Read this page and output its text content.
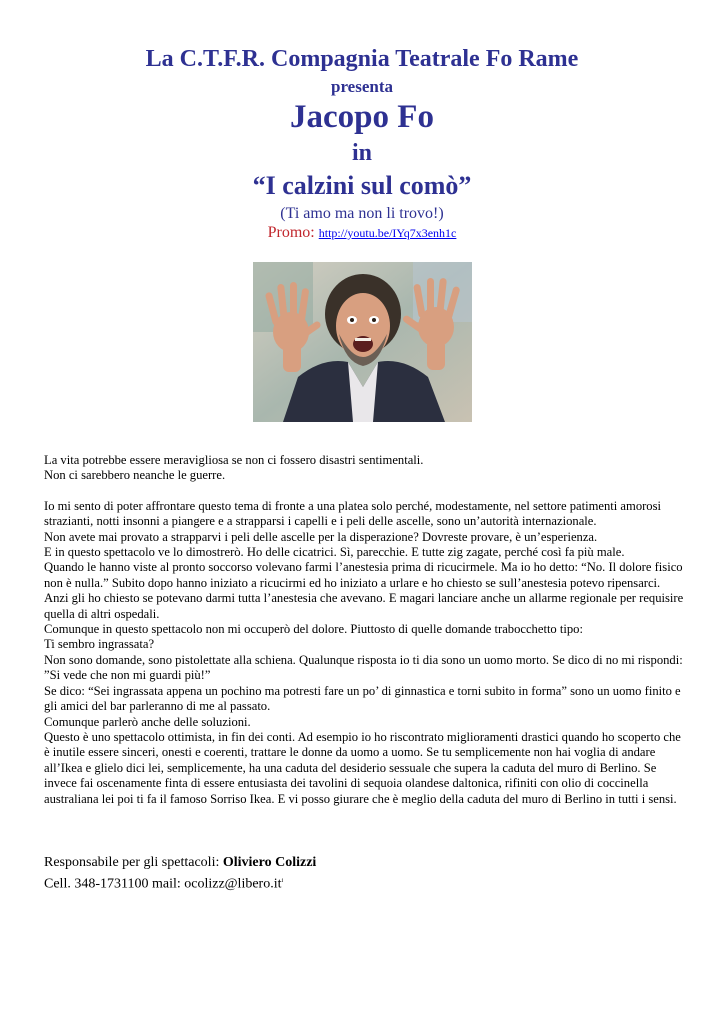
La C.T.F.R. Compagnia Teatrale Fo Rame
presenta
Jacopo Fo
in
“I calzini sul comò”
(Ti amo ma non li trovo!)
Promo: http://youtu.be/IYq7x3enh1c

La vita potrebbe essere meravigliosa se non ci fossero disastri sentimentali.

Non ci sarebbero neanche le guerre.

Io mi sento di poter affrontare questo tema di fronte a una platea solo perché, modestamente, nel settore patimenti amorosi strazianti, notti insonni a piangere e a strapparsi i capelli e i peli delle ascelle, sono un’autorità internazionale.

Non avete mai provato a strapparvi i peli delle ascelle per la disperazione? Dovreste provare, è un’esperienza.

E in questo spettacolo ve lo dimostrerò. Ho delle cicatrici. Sì, parecchie. E tutte zig zagate, perché così fa più male.

Quando le hanno viste al pronto soccorso volevano farmi l’anestesia prima di ricucirmele. Ma io ho detto: “No. Il dolore fisico non è nulla.” Subito dopo hanno iniziato a ricucirmi ed ho iniziato a urlare e ho chiesto se sull’anestesia potevo ripensarci. Anzi gli ho chiesto se potevano darmi tutta l’anestesia che avevano. E magari lanciare anche un allarme regionale per requisire quella di altri ospedali.

Comunque in questo spettacolo non mi occuperò del dolore. Piuttosto di quelle domande trabocchetto tipo:

Ti sembro ingrassata?

Non sono domande, sono pistolettate alla schiena. Qualunque risposta io ti dia sono un uomo morto. Se dico di no mi rispondi: ”Si vede che non mi guardi più!”

Se dico: “Sei ingrassata appena un pochino ma potresti fare un po’ di ginnastica e torni subito in forma” sono un uomo finito e gli amici del bar parleranno di me al passato.

Comunque parlerò anche delle soluzioni.

Questo è uno spettacolo ottimista, in fin dei conti. Ad esempio io ho riscontrato miglioramenti drastici quando ho scoperto che è inutile essere sinceri, onesti e coerenti, trattare le donne da uomo a uomo. Se tu semplicemente non hai voglia di andare all’Ikea e glielo dici lei, semplicemente, ha una caduta del desiderio sessuale che supera la caduta del muro di Berlino. Se invece fai oscenamente finta di essere entusiasta dei tavolini di sequoia olandese daltonica, rifiniti con olio di coccinella australiana lei poi ti fa il famoso Sorriso Ikea. E vi posso giurare che è meglio della caduta del muro di Berlino in tutti i sensi.

Responsabile per gli spettacoli: Oliviero Colizzi

Cell. 348-1731100 mail: $ocolizz@libero.it^i$
